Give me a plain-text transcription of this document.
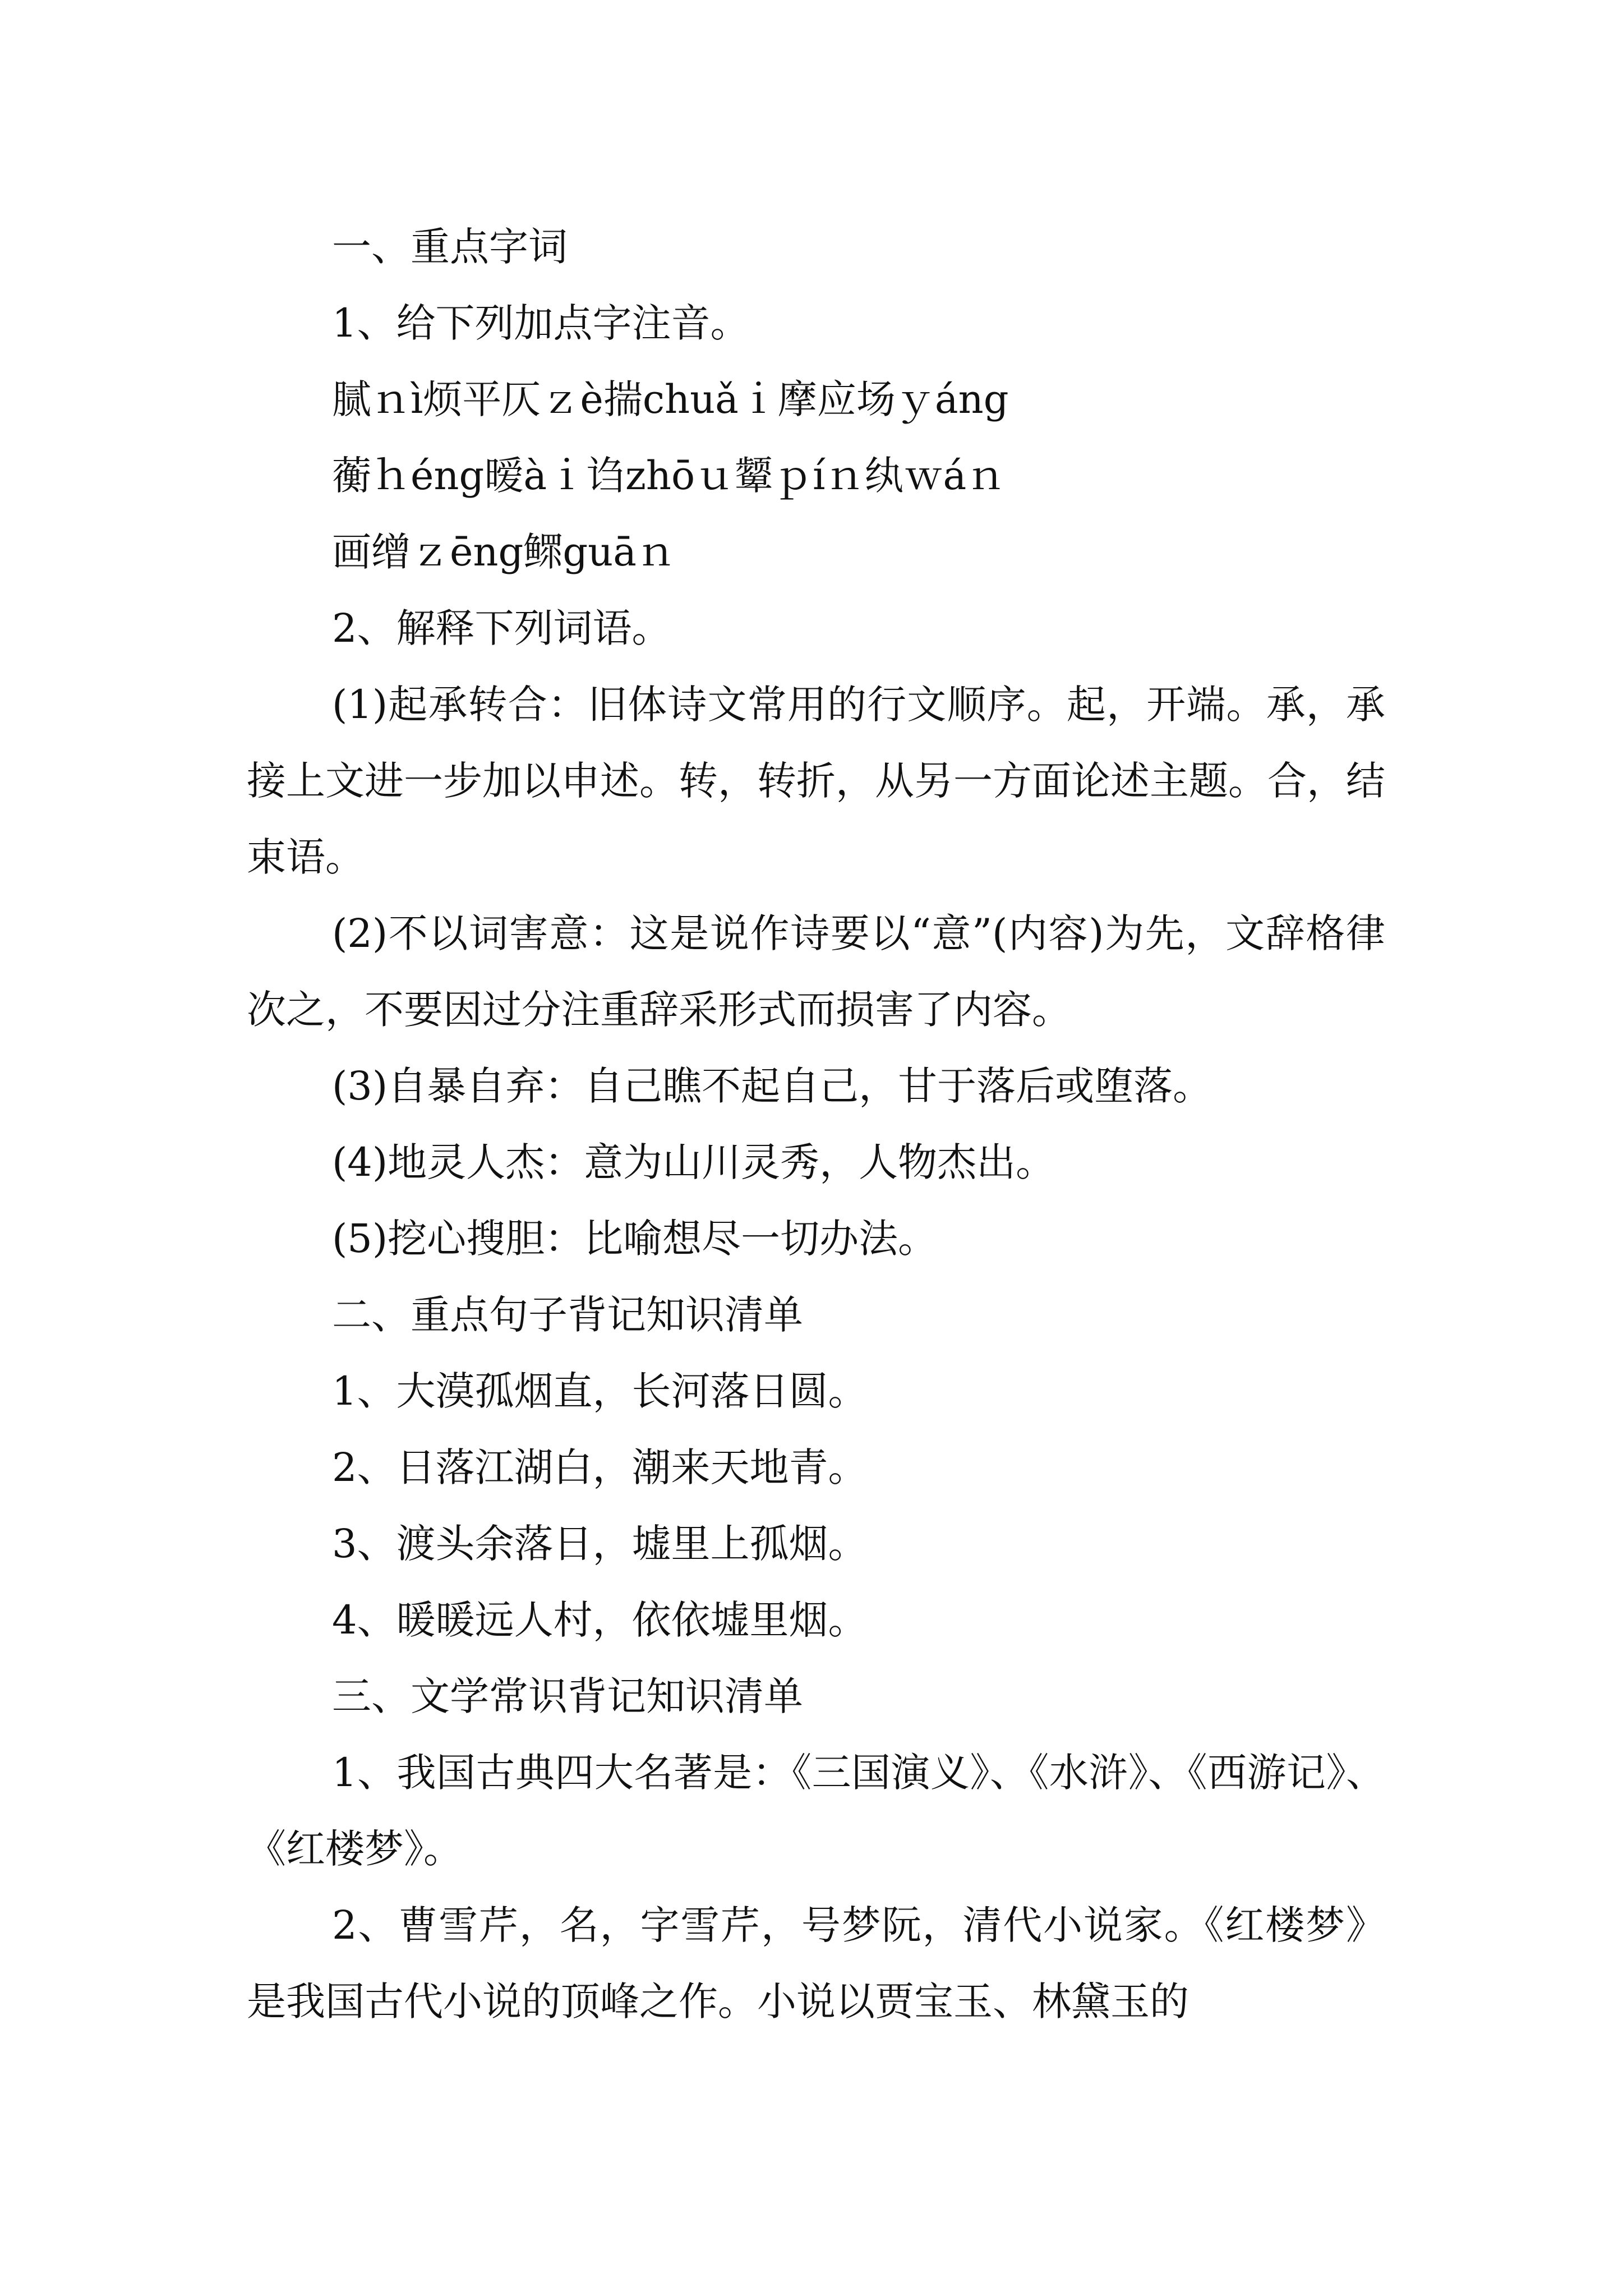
一、重点字词
1、给下列加点字注音。
腻ｎì烦平仄ｚè揣chuǎｉ摩应场ｙáng
蘅ｈéng暧àｉ诌zhōｕ颦ｐíｎ纨ｗáｎ
画缯ｚēng鳏guāｎ
2、解释下列词语。
(1)起承转合：旧体诗文常用的行文顺序。起，开端。承，承接上文进一步加以申述。转，转折，从另一方面论述主题。合，结束语。
(2)不以词害意：这是说作诗要以“意”(内容)为先，文辞格律次之，不要因过分注重辞采形式而损害了内容。
(3)自暴自弃：自己瞧不起自己，甘于落后或堕落。
(4)地灵人杰：意为山川灵秀，人物杰出。
(5)挖心搜胆：比喻想尽一切办法。
二、重点句子背记知识清单
1、大漠孤烟直，长河落日圆。
2、日落江湖白，潮来天地青。
3、渡头余落日，墟里上孤烟。
4、暖暖远人村，依依墟里烟。
三、文学常识背记知识清单
1、我国古典四大名著是：《三国演义》、《水浒》、《西游记》、《红楼梦》。
2、曹雪芹，名，字雪芹，号梦阮，清代小说家。《红楼梦》是我国古代小说的顶峰之作。小说以贾宝玉、林黛玉的
